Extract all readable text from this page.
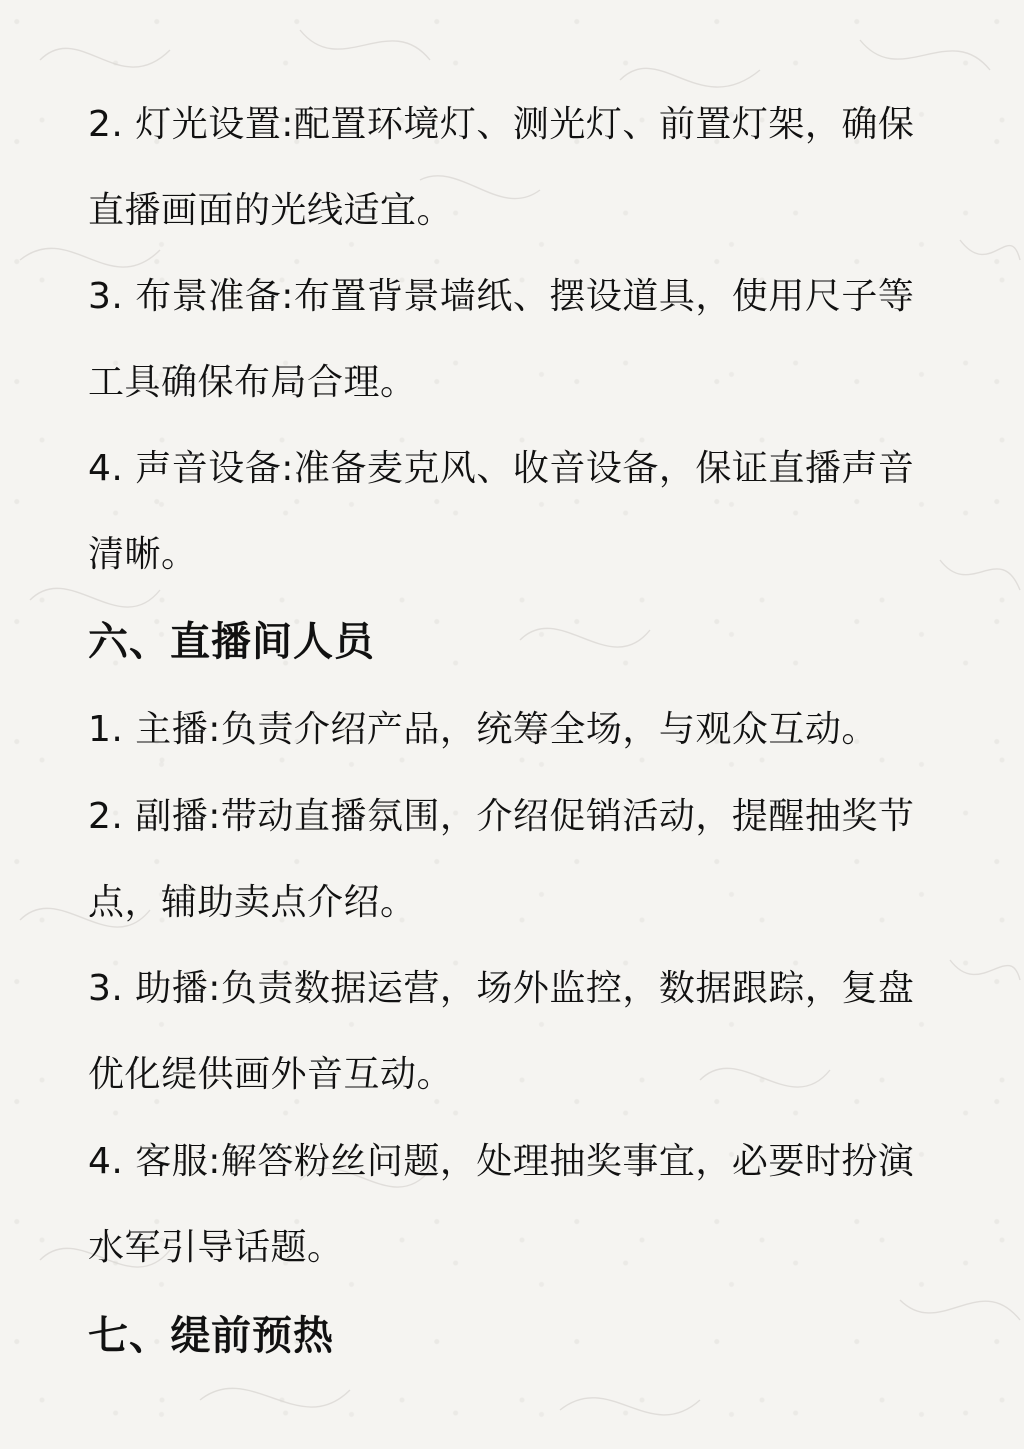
2. 灯光设置:配置环境灯、测光灯、前置灯架，确保
直播画面的光线适宜。
3. 布景准备:布置背景墙纸、摆设道具，使用尺子等
工具确保布局合理。
4. 声音设备:准备麦克风、收音设备，保证直播声音
清晰。
六、直播间人员
1. 主播:负责介绍产品，统筹全场，与观众互动。
2. 副播:带动直播氛围，介绍促销活动，提醒抽奖节
点，辅助卖点介绍。
3. 助播:负责数据运营，场外监控，数据跟踪，复盘
优化缇供画外音互动。
4. 客服:解答粉丝问题，处理抽奖事宜，必要时扮演
水军引导话题。
七、缇前预热
